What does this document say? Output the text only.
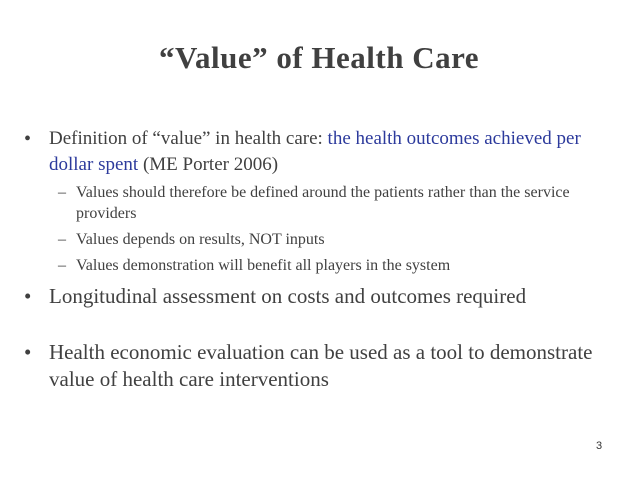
“Value” of Health Care
• Definition of “value” in health care: the health outcomes achieved per dollar spent (ME Porter 2006)
– Values should therefore be defined around the patients rather than the service providers
– Values depends on results, NOT inputs
– Values demonstration will benefit all players in the system
• Longitudinal assessment on costs and outcomes required
• Health economic evaluation can be used as a tool to demonstrate value of health care interventions
3
